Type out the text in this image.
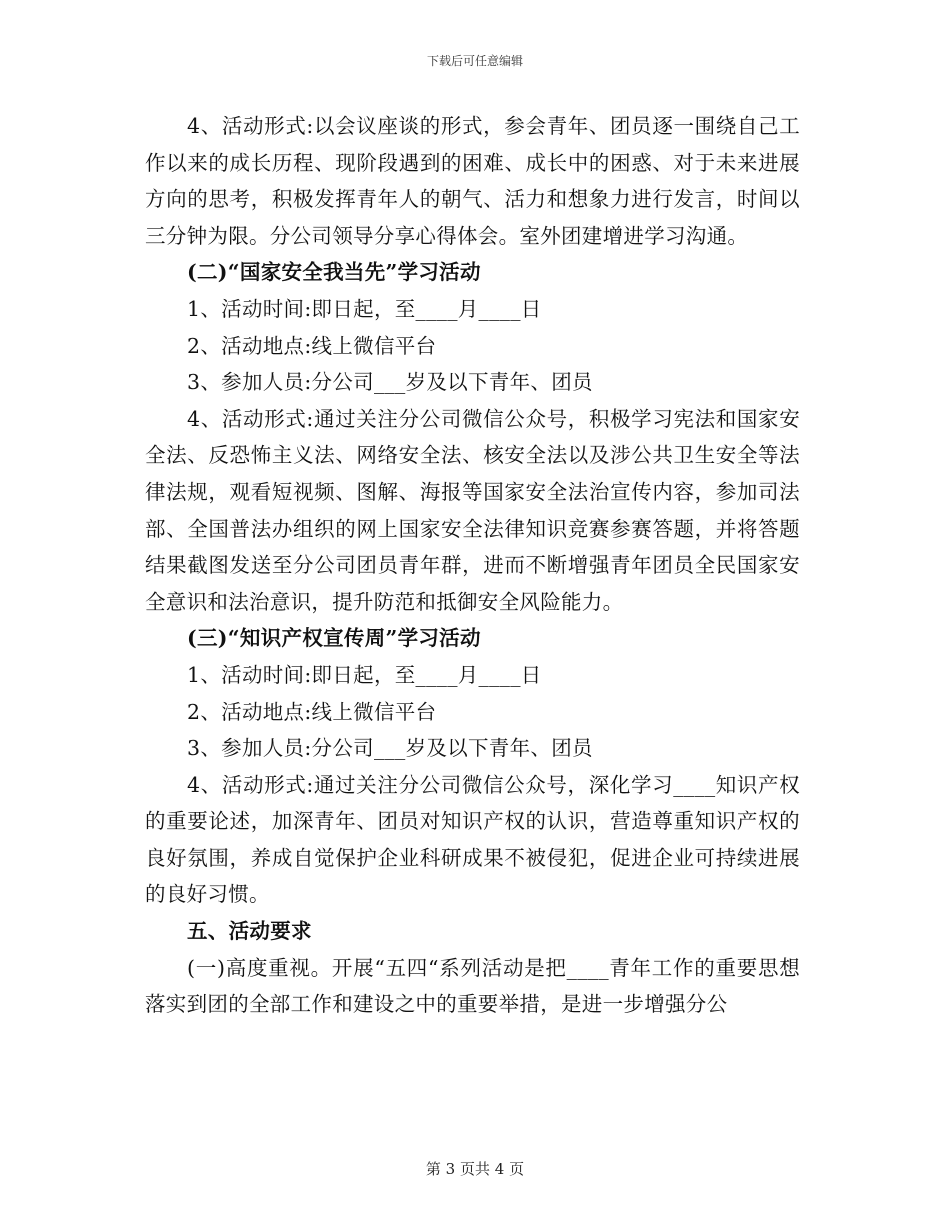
下载后可任意编辑

4、活动形式:以会议座谈的形式，参会青年、团员逐一围绕自己工作以来的成长历程、现阶段遇到的困难、成长中的困惑、对于未来进展方向的思考，积极发挥青年人的朝气、活力和想象力进行发言，时间以三分钟为限。分公司领导分享心得体会。室外团建增进学习沟通。

(二)“国家安全我当先”学习活动

1、活动时间:即日起，至____月____日

2、活动地点:线上微信平台

3、参加人员:分公司___岁及以下青年、团员

4、活动形式:通过关注分公司微信公众号，积极学习宪法和国家安全法、反恐怖主义法、网络安全法、核安全法以及涉公共卫生安全等法律法规，观看短视频、图解、海报等国家安全法治宣传内容，参加司法部、全国普法办组织的网上国家安全法律知识竞赛参赛答题，并将答题结果截图发送至分公司团员青年群，进而不断增强青年团员全民国家安全意识和法治意识，提升防范和抵御安全风险能力。

(三)“知识产权宣传周”学习活动

1、活动时间:即日起，至____月____日

2、活动地点:线上微信平台

3、参加人员:分公司___岁及以下青年、团员

4、活动形式:通过关注分公司微信公众号，深化学习____知识产权的重要论述，加深青年、团员对知识产权的认识，营造尊重知识产权的良好氛围，养成自觉保护企业科研成果不被侵犯，促进企业可持续进展的良好习惯。

五、活动要求

(一)高度重视。开展“五四“系列活动是把____青年工作的重要思想落实到团的全部工作和建设之中的重要举措，是进一步增强分公

第 3 页共 4 页
